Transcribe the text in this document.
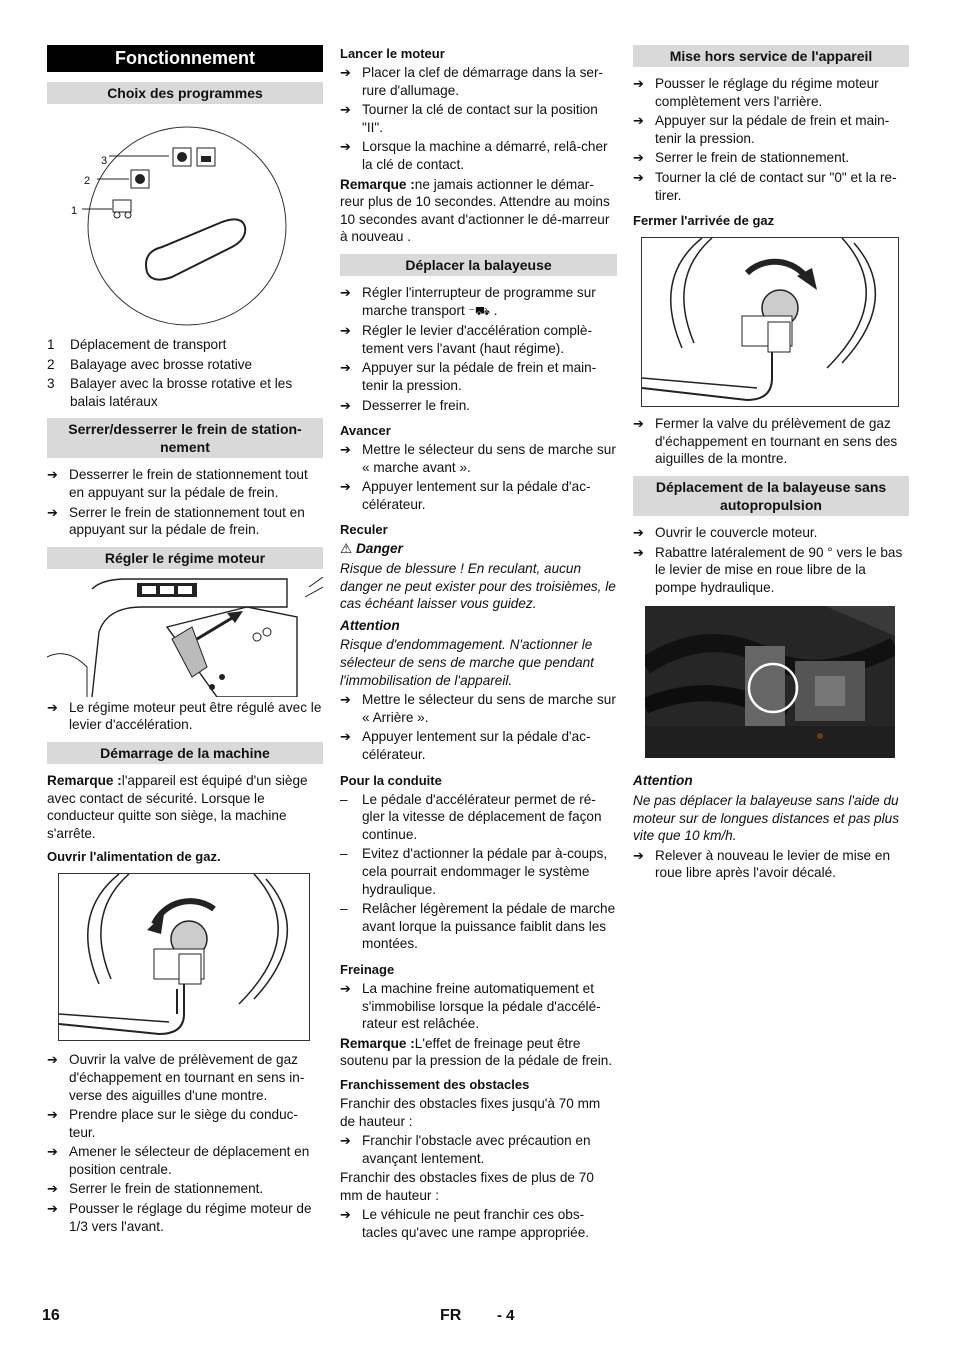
Fonctionnement
Choix des programmes
3
2
1
1 Déplacement de transport
2 Balayage avec brosse rotative
3 Balayer avec la brosse rotative et les balais latéraux
Serrer/desserrer le frein de station-nement
➔ Desserrer le frein de stationnement tout en appuyant sur la pédale de frein.
➔ Serrer le frein de stationnement tout en appuyant sur la pédale de frein.
Régler le régime moteur
➔ Le régime moteur peut être régulé avec le levier d'accélération.
Démarrage de la machine
Remarque :l'appareil est équipé d'un siège avec contact de sécurité. Lorsque le conducteur quitte son siège, la machine s'arrête.
Ouvrir l'alimentation de gaz.
➔ Ouvrir la valve de prélèvement de gaz d'échappement en tournant en sens in-verse des aiguilles d'une montre.
➔ Prendre place sur le siège du conduc-teur.
➔ Amener le sélecteur de déplacement en position centrale.
➔ Serrer le frein de stationnement.
➔ Pousser le réglage du régime moteur de 1/3 vers l'avant.
Lancer le moteur
➔ Placer la clef de démarrage dans la ser-rure d'allumage.
➔ Tourner la clé de contact sur la position "II".
➔ Lorsque la machine a démarré, relâ-cher la clé de contact.
Remarque :ne jamais actionner le démar-reur plus de 10 secondes. Attendre au moins 10 secondes avant d'actionner le dé-marreur à nouveau .
Déplacer la balayeuse
➔ Régler l'interrupteur de programme sur marche transport ⁻⛟ .
➔ Régler le levier d'accélération complè-tement vers l'avant (haut régime).
➔ Appuyer sur la pédale de frein et main-tenir la pression.
➔ Desserrer le frein.
Avancer
➔ Mettre le sélecteur du sens de marche sur « marche avant ».
➔ Appuyer lentement sur la pédale d'ac-célérateur.
Reculer
⚠ Danger
Risque de blessure ! En reculant, aucun danger ne peut exister pour des troisièmes, le cas échéant laisser vous guidez.
Attention
Risque d'endommagement. N'actionner le sélecteur de sens de marche que pendant l'immobilisation de l'appareil.
➔ Mettre le sélecteur du sens de marche sur « Arrière ».
➔ Appuyer lentement sur la pédale d'ac-célérateur.
Pour la conduite
– Le pédale d'accélérateur permet de ré-gler la vitesse de déplacement de façon continue.
– Evitez d'actionner la pédale par à-coups, cela pourrait endommager le système hydraulique.
– Relâcher légèrement la pédale de marche avant lorque la puissance faiblit dans les montées.
Freinage
➔ La machine freine automatiquement et s'immobilise lorsque la pédale d'accélé-rateur est relâchée.
Remarque :L'effet de freinage peut être soutenu par la pression de la pédale de frein.
Franchissement des obstacles
Franchir des obstacles fixes jusqu'à 70 mm de hauteur :
➔ Franchir l'obstacle avec précaution en avançant lentement.
Franchir des obstacles fixes de plus de 70 mm de hauteur :
➔ Le véhicule ne peut franchir ces obs-tacles qu'avec une rampe appropriée.
Mise hors service de l'appareil
➔ Pousser le réglage du régime moteur complètement vers l'arrière.
➔ Appuyer sur la pédale de frein et main-tenir la pression.
➔ Serrer le frein de stationnement.
➔ Tourner la clé de contact sur "0" et la re-tirer.
Fermer l'arrivée de gaz
➔ Fermer la valve du prélèvement de gaz d'échappement en tournant en sens des aiguilles de la montre.
Déplacement de la balayeuse sans autopropulsion
➔ Ouvrir le couvercle moteur.
➔ Rabattre latéralement de 90 ° vers le bas le levier de mise en roue libre de la pompe hydraulique.
Attention
Ne pas déplacer la balayeuse sans l'aide du moteur sur de longues distances et pas plus vite que 10 km/h.
➔ Relever à nouveau le levier de mise en roue libre après l'avoir décalé.
16	FR - 4
